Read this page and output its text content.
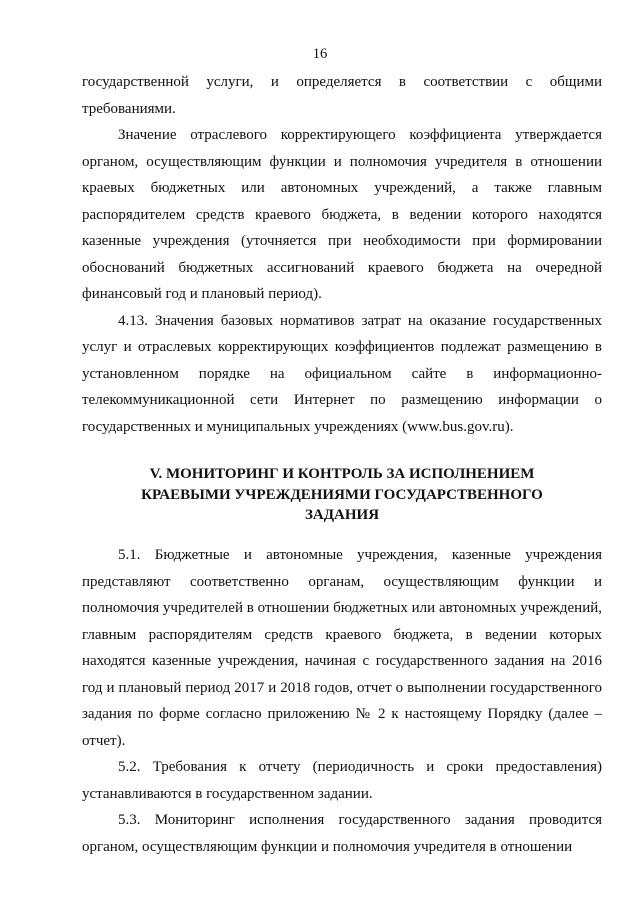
16

государственной услуги, и определяется в соответствии с общими требованиями.

Значение отраслевого корректирующего коэффициента утверждается органом, осуществляющим функции и полномочия учредителя в отношении краевых бюджетных или автономных учреждений, а также главным распорядителем средств краевого бюджета, в ведении которого находятся казенные учреждения (уточняется при необходимости при формировании обоснований бюджетных ассигнований краевого бюджета на очередной финансовый год и плановый период).

4.13. Значения базовых нормативов затрат на оказание государственных услуг и отраслевых корректирующих коэффициентов подлежат размещению в установленном порядке на официальном сайте в информационно-телекоммуникационной сети Интернет по размещению информации о государственных и муниципальных учреждениях (www.bus.gov.ru).

V. МОНИТОРИНГ И КОНТРОЛЬ ЗА ИСПОЛНЕНИЕМ
КРАЕВЫМИ УЧРЕЖДЕНИЯМИ ГОСУДАРСТВЕННОГО
ЗАДАНИЯ

5.1. Бюджетные и автономные учреждения, казенные учреждения представляют соответственно органам, осуществляющим функции и полномочия учредителей в отношении бюджетных или автономных учреждений, главным распорядителям средств краевого бюджета, в ведении которых находятся казенные учреждения, начиная с государственного задания на 2016 год и плановый период 2017 и 2018 годов, отчет о выполнении государственного задания по форме согласно приложению № 2 к настоящему Порядку (далее – отчет).

5.2. Требования к отчету (периодичность и сроки предоставления) устанавливаются в государственном задании.

5.3. Мониторинг исполнения государственного задания проводится органом, осуществляющим функции и полномочия учредителя в отношении
